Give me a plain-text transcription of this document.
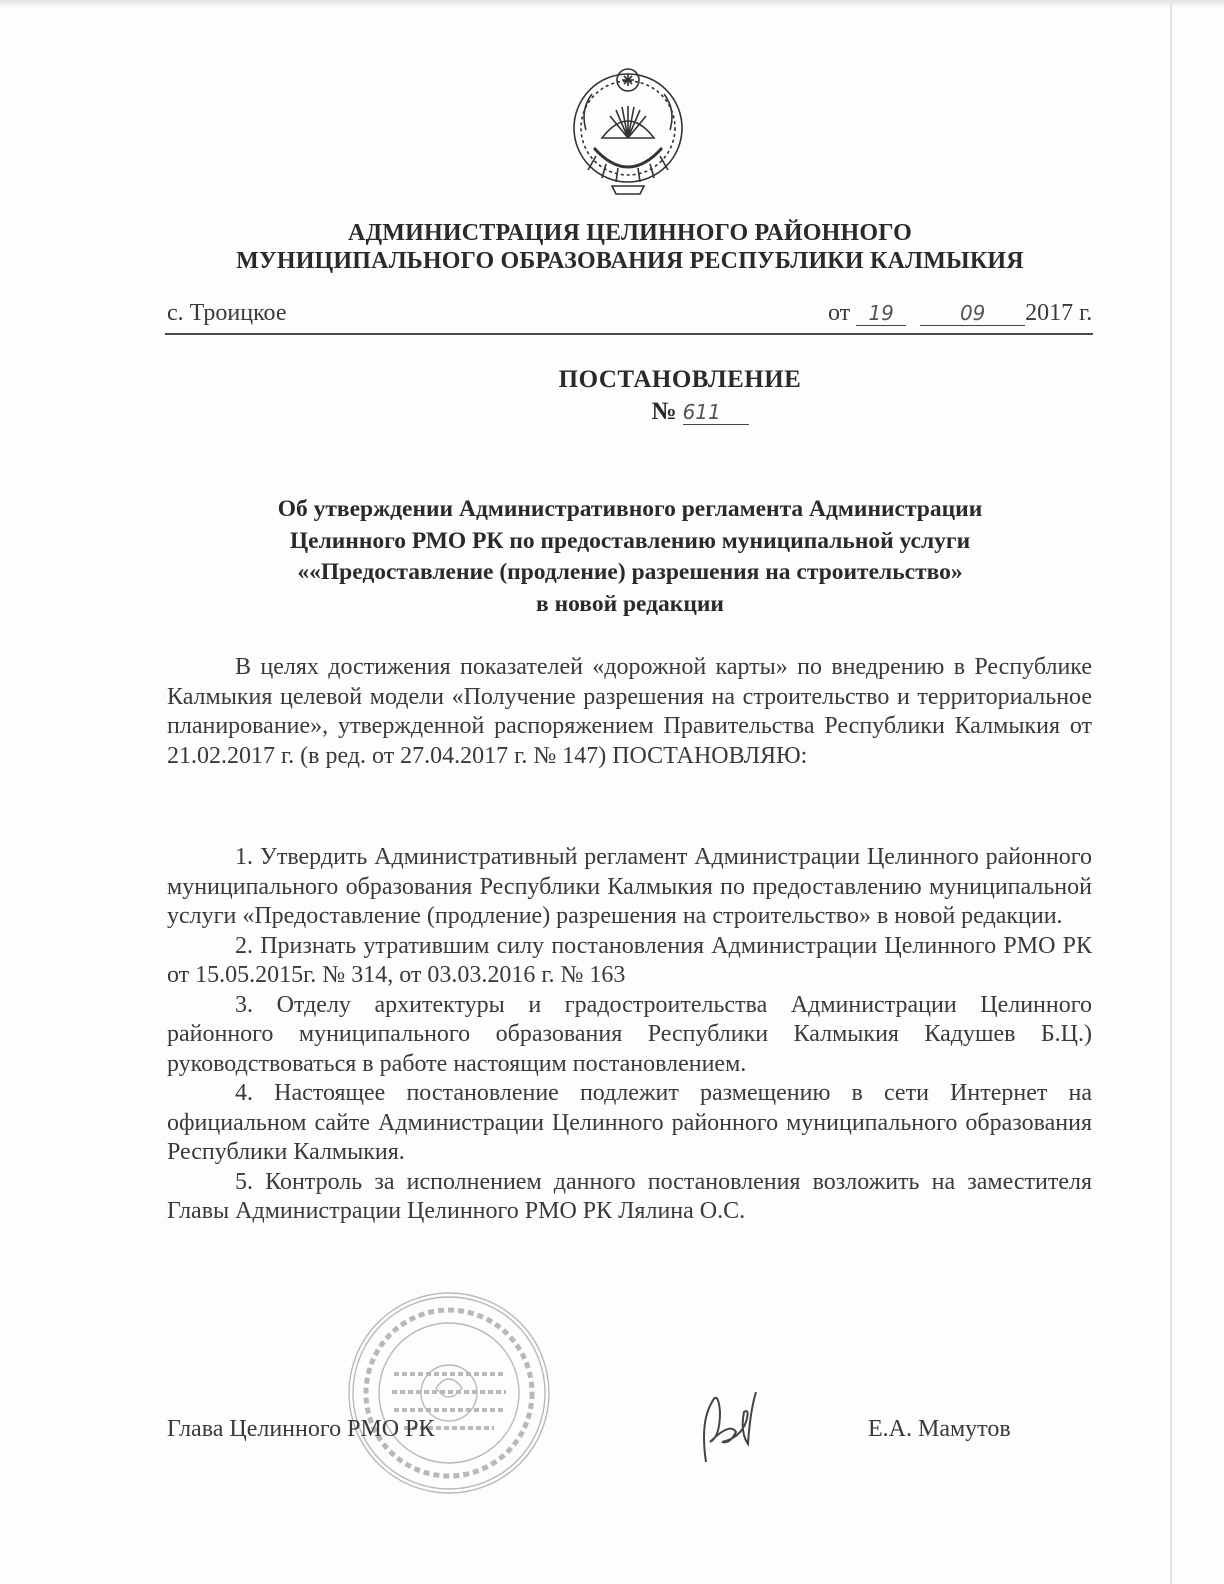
АДМИНИСТРАЦИЯ ЦЕЛИННОГО РАЙОННОГО
МУНИЦИПАЛЬНОГО ОБРАЗОВАНИЯ РЕСПУБЛИКИ КАЛМЫКИЯ
с. Троицкое	от 19	09 2017 г.
ПОСТАНОВЛЕНИЕ
№ 611
Об утверждении Административного регламента Администрации
Целинного РМО РК по предоставлению муниципальной услуги
««Предоставление (продление) разрешения на строительство»
в новой редакции

В целях достижения показателей «дорожной карты» по внедрению в Республике Калмыкия целевой модели «Получение разрешения на строительство и территориальное планирование», утвержденной распоряжением Правительства Республики Калмыкия от 21.02.2017 г. (в ред. от 27.04.2017 г. № 147) ПОСТАНОВЛЯЮ:

1. Утвердить Административный регламент Администрации Целинного районного муниципального образования Республики Калмыкия по предоставлению муниципальной услуги «Предоставление (продление) разрешения на строительство» в новой редакции.

2. Признать утратившим силу постановления Администрации Целинного РМО РК от 15.05.2015г. № 314, от 03.03.2016 г. № 163

3. Отделу архитектуры и градостроительства Администрации Целинного районного муниципального образования Республики Калмыкия Кадушев Б.Ц.) руководствоваться в работе настоящим постановлением.

4. Настоящее постановление подлежит размещению в сети Интернет на официальном сайте Администрации Целинного районного муниципального образования Республики Калмыкия.

5. Контроль за исполнением данного постановления возложить на заместителя Главы Администрации Целинного РМО РК Лялина О.С.

Глава Целинного РМО РК	Е.А. Мамутов
